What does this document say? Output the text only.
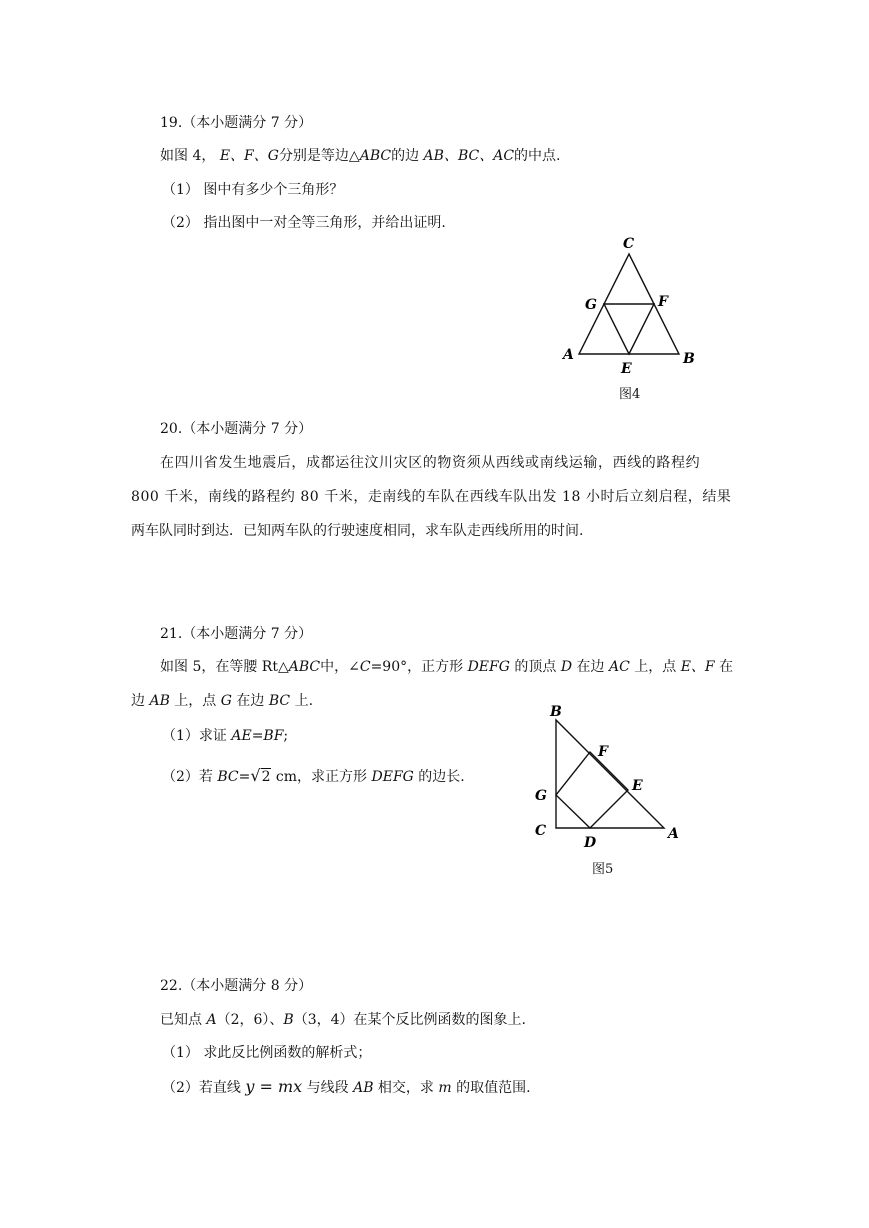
19.（本小题满分 7 分）
如图 4， E、F、G分别是等边△ABC的边 AB、BC、AC的中点.
（1） 图中有多少个三角形？
（2） 指出图中一对全等三角形，并给出证明.
C
G	F
A	B
E
图4
20.（本小题满分 7 分）
在四川省发生地震后，成都运往汶川灾区的物资须从西线或南线运输，西线的路程约
800 千米，南线的路程约 80 千米，走南线的车队在西线车队出发 18 小时后立刻启程，结果
两车队同时到达．已知两车队的行驶速度相同，求车队走西线所用的时间.
21.（本小题满分 7 分）
如图 5，在等腰 Rt△ABC中，∠C=90°，正方形 DEFG 的顶点 D 在边 AC 上，点 E、F 在
边 AB 上，点 G 在边 BC 上.
（1）求证 AE=BF;
（2）若 BC=√2 cm，求正方形 DEFG 的边长.
B
F
E
G
C
D
A
图5
22.（本小题满分 8 分）
已知点 A（2，6）、B（3，4）在某个反比例函数的图象上.
（1） 求此反比例函数的解析式；
（2）若直线 y = mx 与线段 AB 相交，求 m 的取值范围.
